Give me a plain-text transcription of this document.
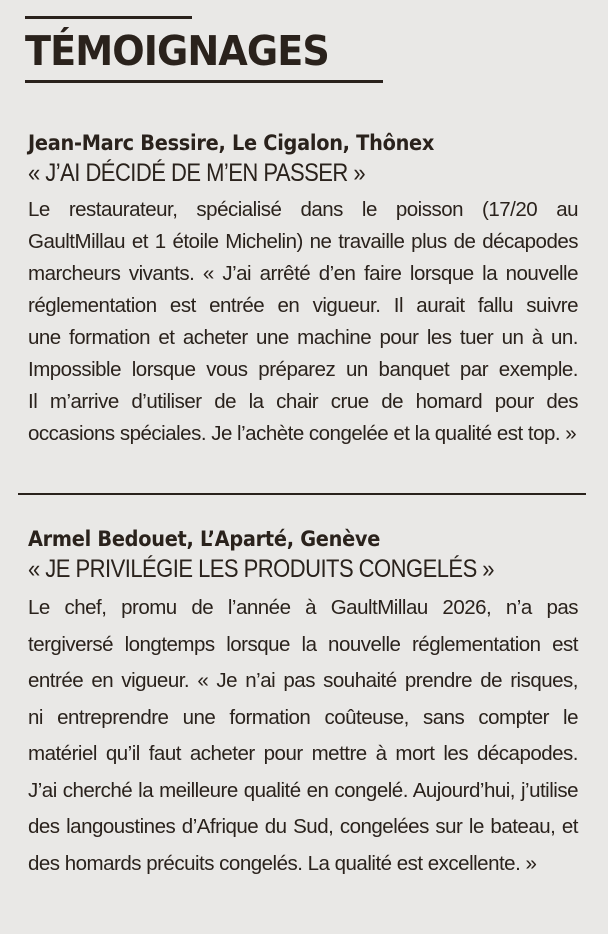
TÉMOIGNAGES
Jean-Marc Bessire, Le Cigalon, Thônex
« J’AI DÉCIDÉ DE M’EN PASSER »
Le restaurateur, spécialisé dans le poisson (17/20 au
GaultMillau et 1 étoile Michelin) ne travaille plus de décapodes
marcheurs vivants. « J’ai arrêté d’en faire lorsque la nouvelle
réglementation est entrée en vigueur. Il aurait fallu suivre
une formation et acheter une machine pour les tuer un à un.
Impossible lorsque vous préparez un banquet par exemple.
Il m’arrive d’utiliser de la chair crue de homard pour des
occasions spéciales. Je l’achète congelée et la qualité est top. »
Armel Bedouet, L’Aparté, Genève
« JE PRIVILÉGIE LES PRODUITS CONGELÉS »
Le chef, promu de l’année à GaultMillau 2026, n’a pas
tergiversé longtemps lorsque la nouvelle réglementation est
entrée en vigueur. « Je n’ai pas souhaité prendre de risques,
ni entreprendre une formation coûteuse, sans compter le
matériel qu’il faut acheter pour mettre à mort les décapodes.
J’ai cherché la meilleure qualité en congelé. Aujourd’hui, j’utilise
des langoustines d’Afrique du Sud, congelées sur le bateau, et
des homards précuits congelés. La qualité est excellente. »
